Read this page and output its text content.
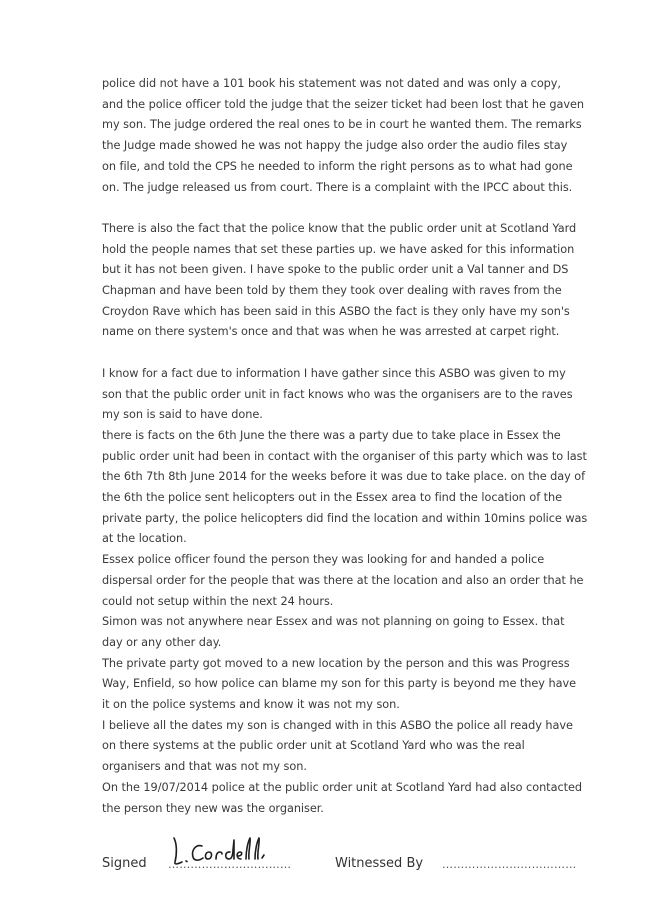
police did not have a 101 book his statement was not dated and was only a copy,
and the police officer told the judge that the seizer ticket had been lost that he gaven
my son. The judge ordered the real ones to be in court he wanted them. The remarks
the Judge made showed he was not happy the judge also order the audio files stay
on file, and told the CPS he needed to inform the right persons as to what had gone
on. The judge released us from court. There is a complaint with the IPCC about this.
There is also the fact that the police know that the public order unit at Scotland Yard
hold the people names that set these parties up. we have asked for this information
but it has not been given. I have spoke to the public order unit a Val tanner and DS
Chapman and have been told by them they took over dealing with raves from the
Croydon Rave which has been said in this ASBO the fact is they only have my son's
name on there system's once and that was when he was arrested at carpet right.
I know for a fact due to information I have gather since this ASBO was given to my
son that the public order unit in fact knows who was the organisers are to the raves
my son is said to have done.
there is facts on the 6th June the there was a party due to take place in Essex the
public order unit had been in contact with the organiser of this party which was to last
the 6th 7th 8th June 2014 for the weeks before it was due to take place. on the day of
the 6th the police sent helicopters out in the Essex area to find the location of the
private party, the police helicopters did find the location and within 10mins police was
at the location.
Essex police officer found the person they was looking for and handed a police
dispersal order for the people that was there at the location and also an order that he
could not setup within the next 24 hours.
Simon was not anywhere near Essex and was not planning on going to Essex. that
day or any other day.
The private party got moved to a new location by the person and this was Progress
Way, Enfield, so how police can blame my son for this party is beyond me they have
it on the police systems and know it was not my son.
I believe all the dates my son is changed with in this ASBO the police all ready have
on there systems at the public order unit at Scotland Yard who was the real
organisers and that was not my son.
On the 19/07/2014 police at the public order unit at Scotland Yard had also contacted
the person they new was the organiser.
Signed ……………………………	Witnessed By ………………………………
